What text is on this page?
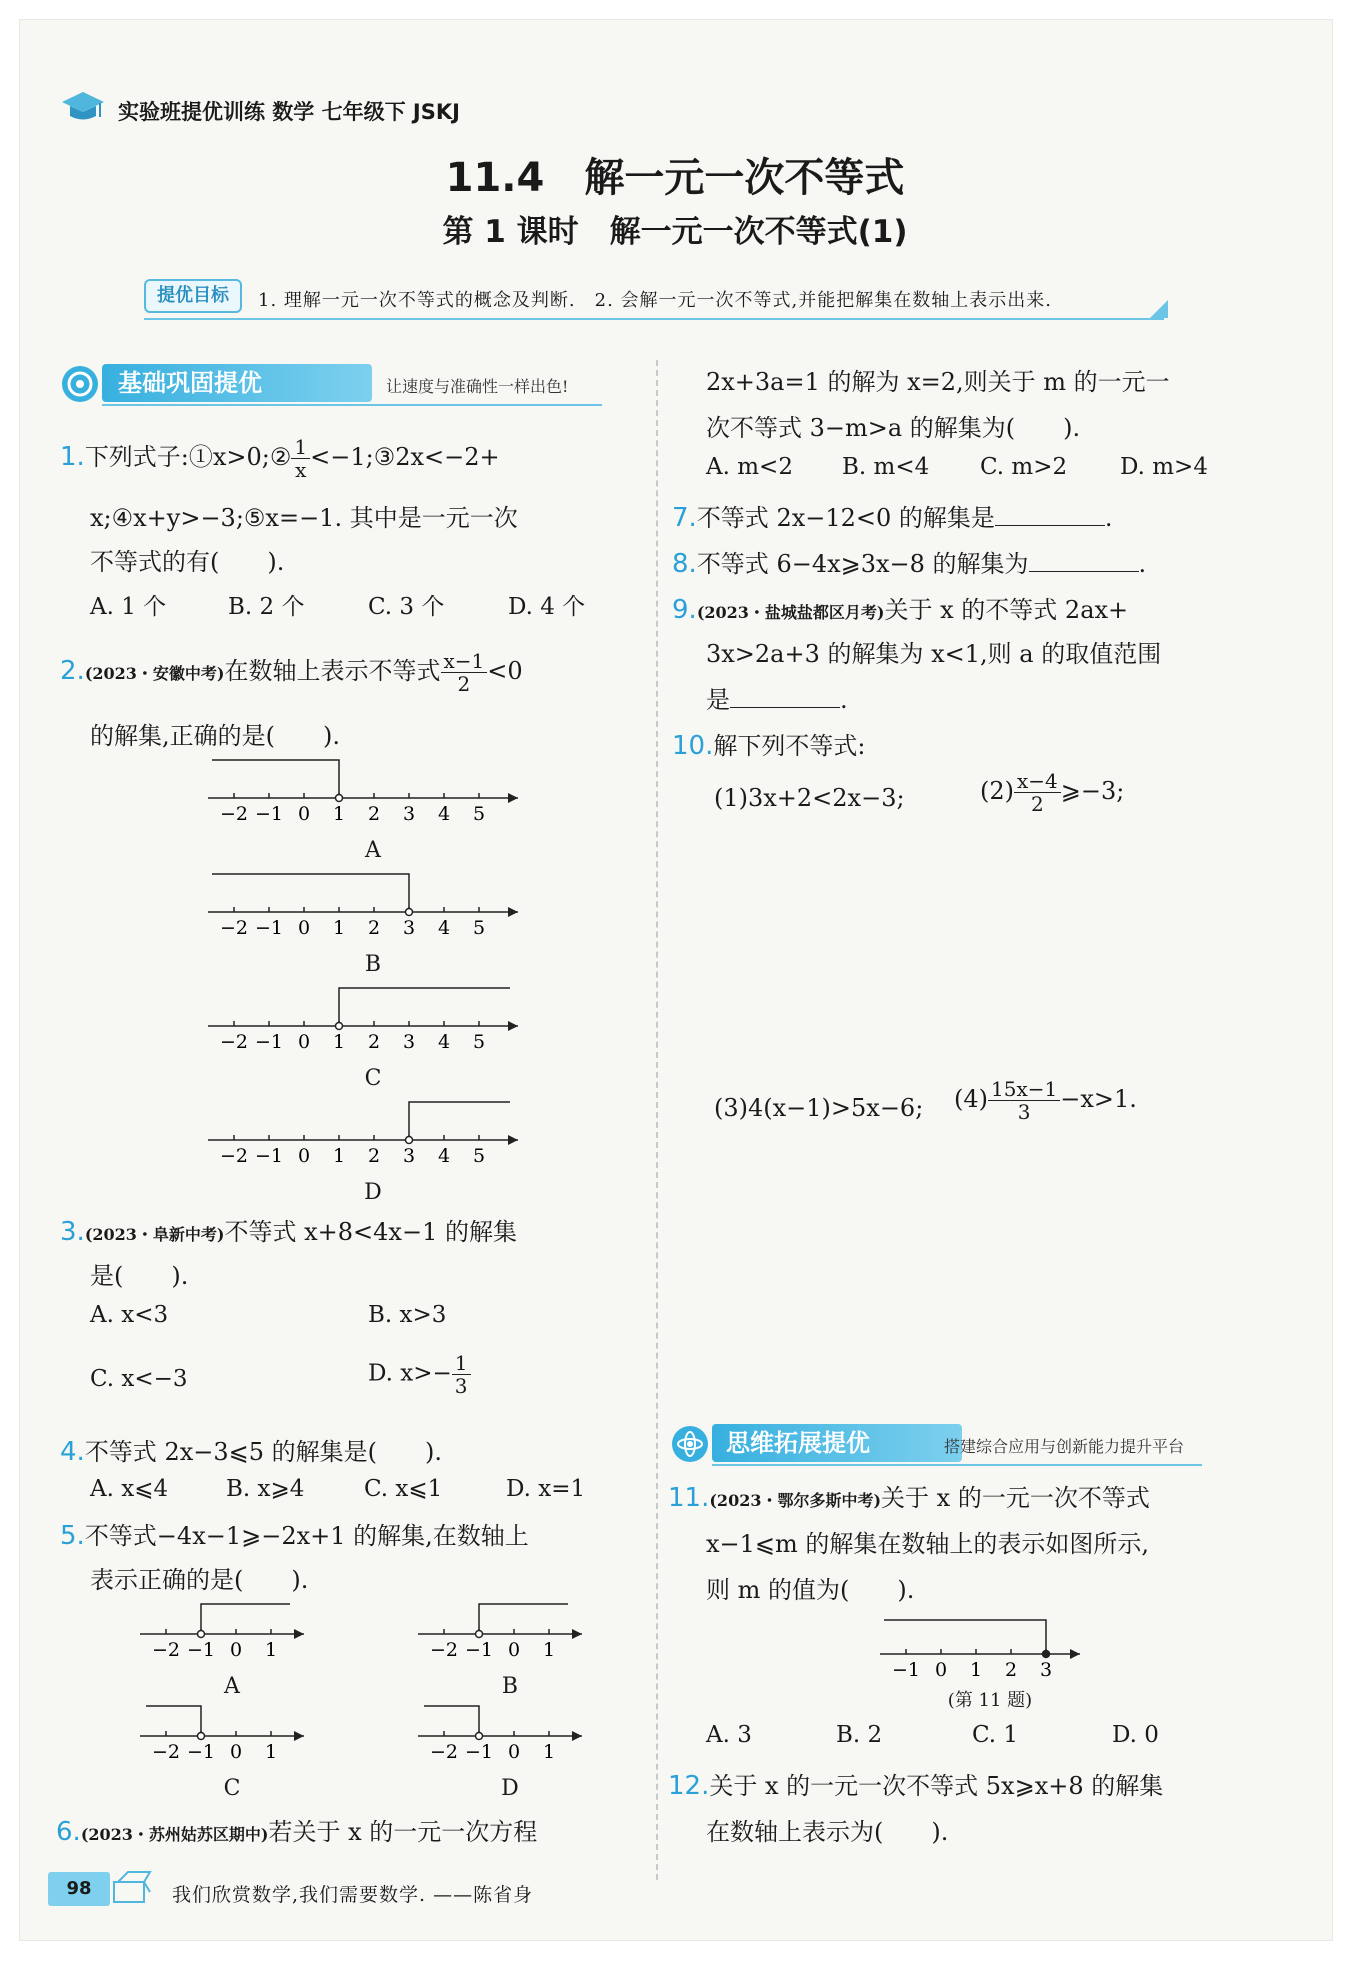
实验班提优训练 数学 七年级下 JSKJ
11.4　解一元一次不等式
第 1 课时　解一元一次不等式(1)
提优目标	1. 理解一元一次不等式的概念及判断.　2. 会解一元一次不等式,并能把解集在数轴上表示出来.
基础巩固提优	让速度与准确性一样出色!
1.下列式子:①x>0;② $\frac{1}{x}$ <−1;③2x<−2+
x;④x+y>−3;⑤x=−1. 其中是一元一次
不等式的有(　　).
A. 1 个	B. 2 个	C. 3 个	D. 4 个
2.(2023・安徽中考)在数轴上表示不等式 $\frac{x-1}{2} <0$
的解集,正确的是(　　).
−2 −1 0 1 2 3 4 5
A
−2 −1 0 1 2 3 4 5
B
−2 −1 0 1 2 3 4 5
C
−2 −1 0 1 2 3 4 5
D
3.(2023・阜新中考)不等式 x+8<4x−1 的解集
是(　　).
A. x<3	B. x>3
C. x<−3	D. $x>- \frac{1}{3}$
4.不等式 2x−3⩽5 的解集是(　　).
A. x⩽4	B. x⩾4	C. x⩽1	D. x=1
5.不等式−4x−1⩾−2x+1 的解集,在数轴上
表示正确的是(　　).
−2 −1 0 1
A
−2 −1 0 1
B
−2 −1 0 1
C
−2 −1 0 1
D
6.(2023・苏州姑苏区期中)若关于 x 的一元一次方程
2x+3a=1 的解为 x=2,则关于 m 的一元一
次不等式 3−m>a 的解集为(　　).
A. m<2 B. m<4 C. m>2 D. m>4
7.不等式 2x−12<0 的解集是	.
8.不等式 6−4x⩾3x−8 的解集为	.
9.(2023・盐城盐都区月考)关于 x 的不等式 2ax+
3x>2a+3 的解集为 x<1,则 a 的取值范围
是	.
10.解下列不等式:
(1)3x+2<2x−3;	$(2) \frac{x-4}{2}$ ⩾−3;
(3)4(x−1)>5x−6; $(4) \frac{15x-1}{3} -x>1$.
思维拓展提优	搭建综合应用与创新能力提升平台
11.(2023・鄂尔多斯中考)关于 x 的一元一次不等式
x−1⩽m 的解集在数轴上的表示如图所示,
则 m 的值为(　　).
−1 0 1 2 3
(第 11 题)
A. 3	B. 2	C. 1	D. 0
12.关于 x 的一元一次不等式 5x⩾x+8 的解集
在数轴上表示为(　　).
98	我们欣赏数学,我们需要数学. ——陈省身
